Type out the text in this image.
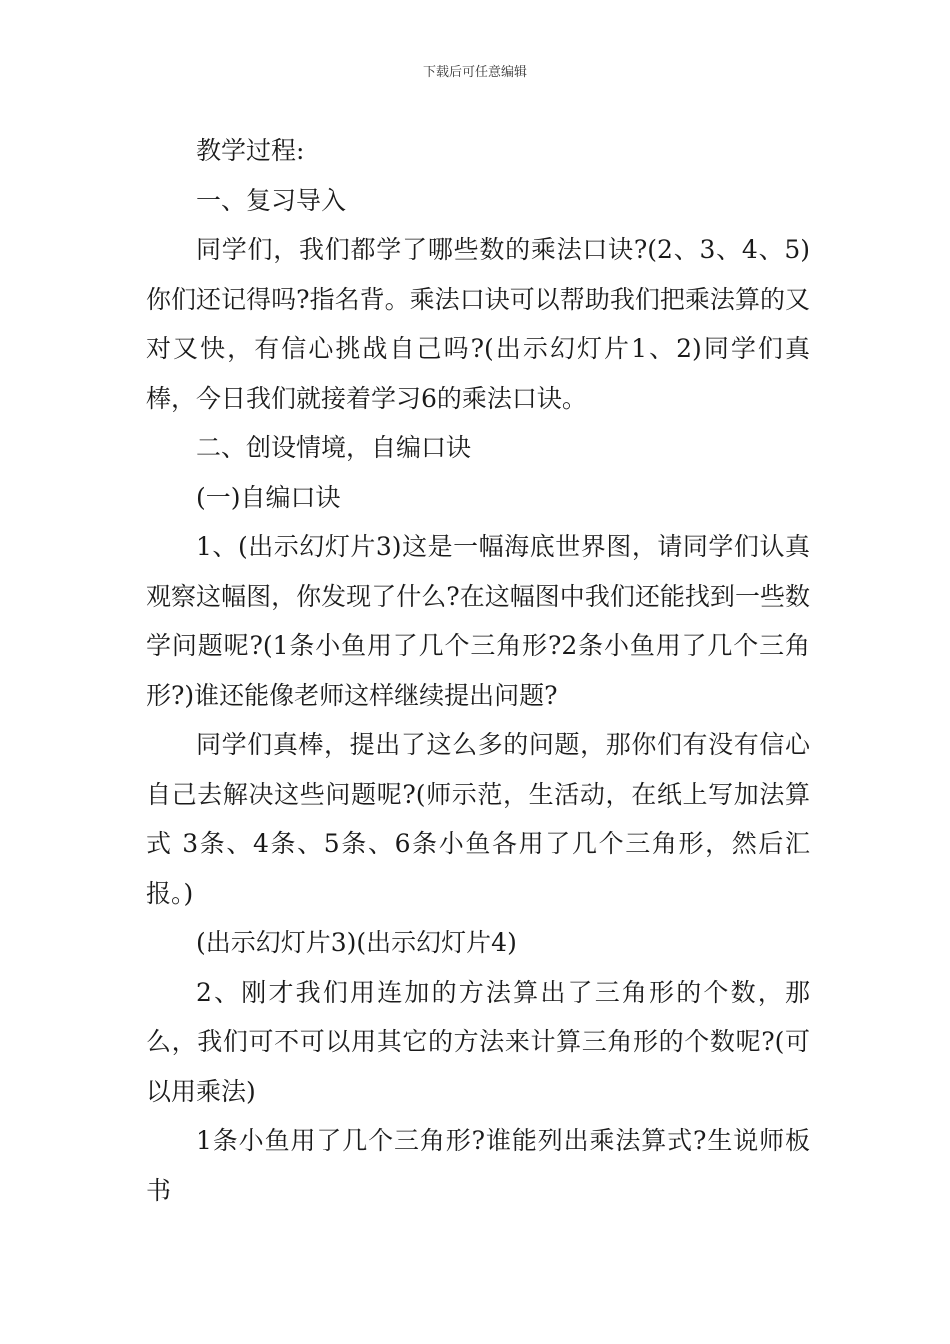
下载后可任意编辑

教学过程:

一、复习导入

同学们，我们都学了哪些数的乘法口诀?(2、3、4、5)你们还记得吗?指名背。乘法口诀可以帮助我们把乘法算的又对又快，有信心挑战自己吗?(出示幻灯片1、2)同学们真棒，今日我们就接着学习6的乘法口诀。

二、创设情境，自编口诀

(一)自编口诀

1、(出示幻灯片3)这是一幅海底世界图，请同学们认真观察这幅图，你发现了什么?在这幅图中我们还能找到一些数学问题呢?(1条小鱼用了几个三角形?2条小鱼用了几个三角形?)谁还能像老师这样继续提出问题?

同学们真棒，提出了这么多的问题，那你们有没有信心自己去解决这些问题呢?(师示范，生活动，在纸上写加法算式 3条、4条、5条、6条小鱼各用了几个三角形，然后汇报。)

(出示幻灯片3)(出示幻灯片4)

2、刚才我们用连加的方法算出了三角形的个数，那么，我们可不可以用其它的方法来计算三角形的个数呢?(可以用乘法)

1条小鱼用了几个三角形?谁能列出乘法算式?生说师板书
